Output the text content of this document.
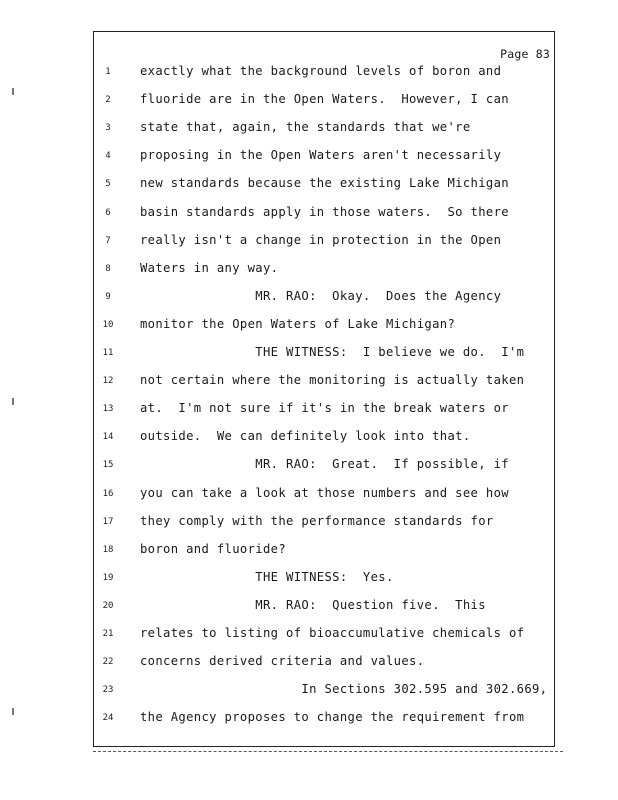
Page 83
1	exactly what the background levels of boron and
2	fluoride are in the Open Waters.  However, I can
3	state that, again, the standards that we're
4	proposing in the Open Waters aren't necessarily
5	new standards because the existing Lake Michigan
6	basin standards apply in those waters.  So there
7	really isn't a change in protection in the Open
8	Waters in any way.
9	MR. RAO:  Okay.  Does the Agency
10	monitor the Open Waters of Lake Michigan?
11	THE WITNESS:  I believe we do.  I'm
12	not certain where the monitoring is actually taken
13	at.  I'm not sure if it's in the break waters or
14	outside.  We can definitely look into that.
15	MR. RAO:  Great.  If possible, if
16	you can take a look at those numbers and see how
17	they comply with the performance standards for
18	boron and fluoride?
19	THE WITNESS:  Yes.
20	MR. RAO:  Question five.  This
21	relates to listing of bioaccumulative chemicals of
22	concerns derived criteria and values.
23	In Sections 302.595 and 302.669,
24	the Agency proposes to change the requirement from
